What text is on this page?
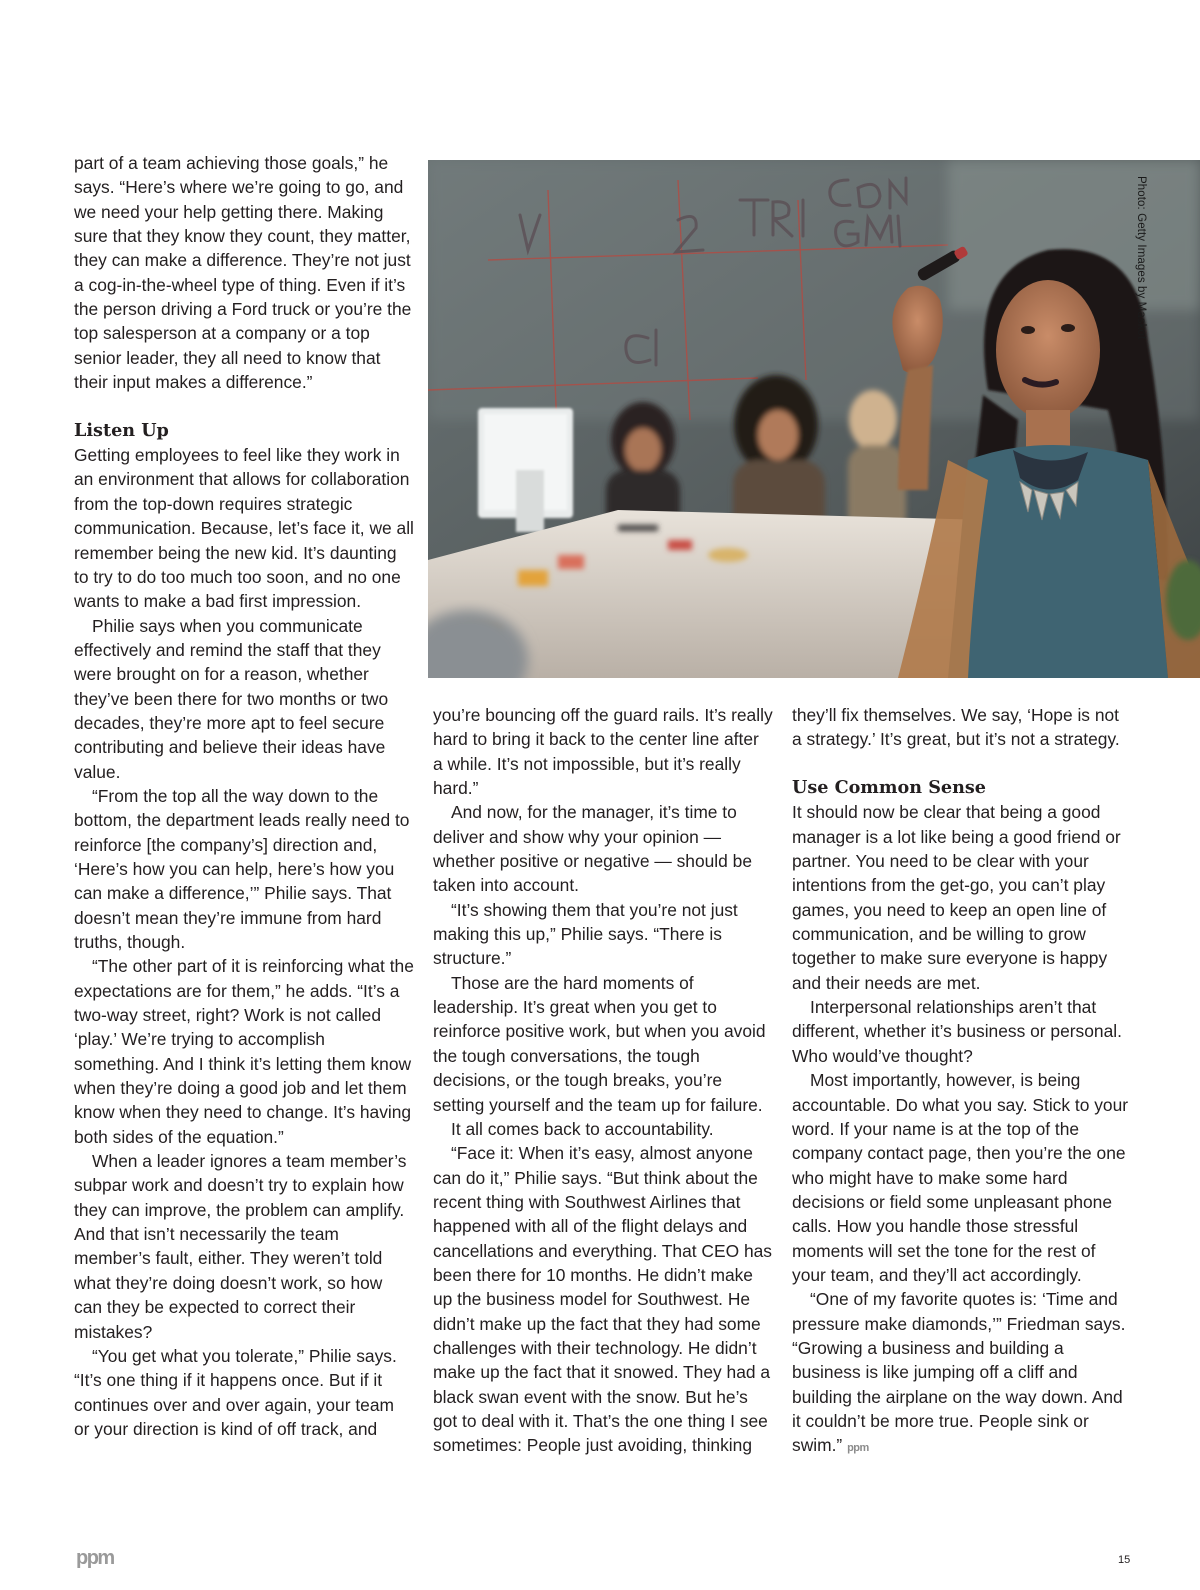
Photo: Getty Images by Maskot

part of a team achieving those goals,” he says. “Here’s where we’re going to go, and we need your help getting there. Making sure that they know they count, they matter, they can make a difference. They’re not just a cog-in-the-wheel type of thing. Even if it’s the person driving a Ford truck or you’re the top salesperson at a company or a top senior leader, they all need to know that their input makes a difference.”

Listen Up

Getting employees to feel like they work in an environment that allows for collaboration from the top-down requires strategic communication. Because, let’s face it, we all remember being the new kid. It’s daunting to try to do too much too soon, and no one wants to make a bad first impression.

Philie says when you communicate effectively and remind the staff that they were brought on for a reason, whether they’ve been there for two months or two decades, they’re more apt to feel secure contributing and believe their ideas have value.

“From the top all the way down to the bottom, the department leads really need to reinforce [the company’s] direction and, ‘Here’s how you can help, here’s how you can make a difference,’” Philie says. That doesn’t mean they’re immune from hard truths, though.

“The other part of it is reinforcing what the expectations are for them,” he adds. “It’s a two-way street, right? Work is not called ‘play.’ We’re trying to accomplish something. And I think it’s letting them know when they’re doing a good job and let them know when they need to change. It’s having both sides of the equation.”

When a leader ignores a team member’s subpar work and doesn’t try to explain how they can improve, the problem can amplify. And that isn’t necessarily the team member’s fault, either. They weren’t told what they’re doing doesn’t work, so how can they be expected to correct their mistakes?

“You get what you tolerate,” Philie says. “It’s one thing if it happens once. But if it continues over and over again, your team or your direction is kind of off track, and

you’re bouncing off the guard rails. It’s really hard to bring it back to the center line after a while. It’s not impossible, but it’s really hard.”

And now, for the manager, it’s time to deliver and show why your opinion — whether positive or negative — should be taken into account.

“It’s showing them that you’re not just making this up,” Philie says. “There is structure.”

Those are the hard moments of leadership. It’s great when you get to reinforce positive work, but when you avoid the tough conversations, the tough decisions, or the tough breaks, you’re setting yourself and the team up for failure.

It all comes back to accountability.

“Face it: When it’s easy, almost anyone can do it,” Philie says. “But think about the recent thing with Southwest Airlines that happened with all of the flight delays and cancellations and everything. That CEO has been there for 10 months. He didn’t make up the business model for Southwest. He didn’t make up the fact that they had some challenges with their technology. He didn’t make up the fact that it snowed. They had a black swan event with the snow. But he’s got to deal with it. That’s the one thing I see sometimes: People just avoiding, thinking

they’ll fix themselves. We say, ‘Hope is not a strategy.’ It’s great, but it’s not a strategy.

Use Common Sense

It should now be clear that being a good manager is a lot like being a good friend or partner. You need to be clear with your intentions from the get-go, you can’t play games, you need to keep an open line of communication, and be willing to grow together to make sure everyone is happy and their needs are met.

Interpersonal relationships aren’t that different, whether it’s business or personal. Who would’ve thought?

Most importantly, however, is being accountable. Do what you say. Stick to your word. If your name is at the top of the company contact page, then you’re the one who might have to make some hard decisions or field some unpleasant phone calls. How you handle those stressful moments will set the tone for the rest of your team, and they’ll act accordingly.

“One of my favorite quotes is: ‘Time and pressure make diamonds,’” Friedman says. “Growing a business and building a business is like jumping off a cliff and building the airplane on the way down. And it couldn’t be more true. People sink or swim.” ppm

ppm	15
